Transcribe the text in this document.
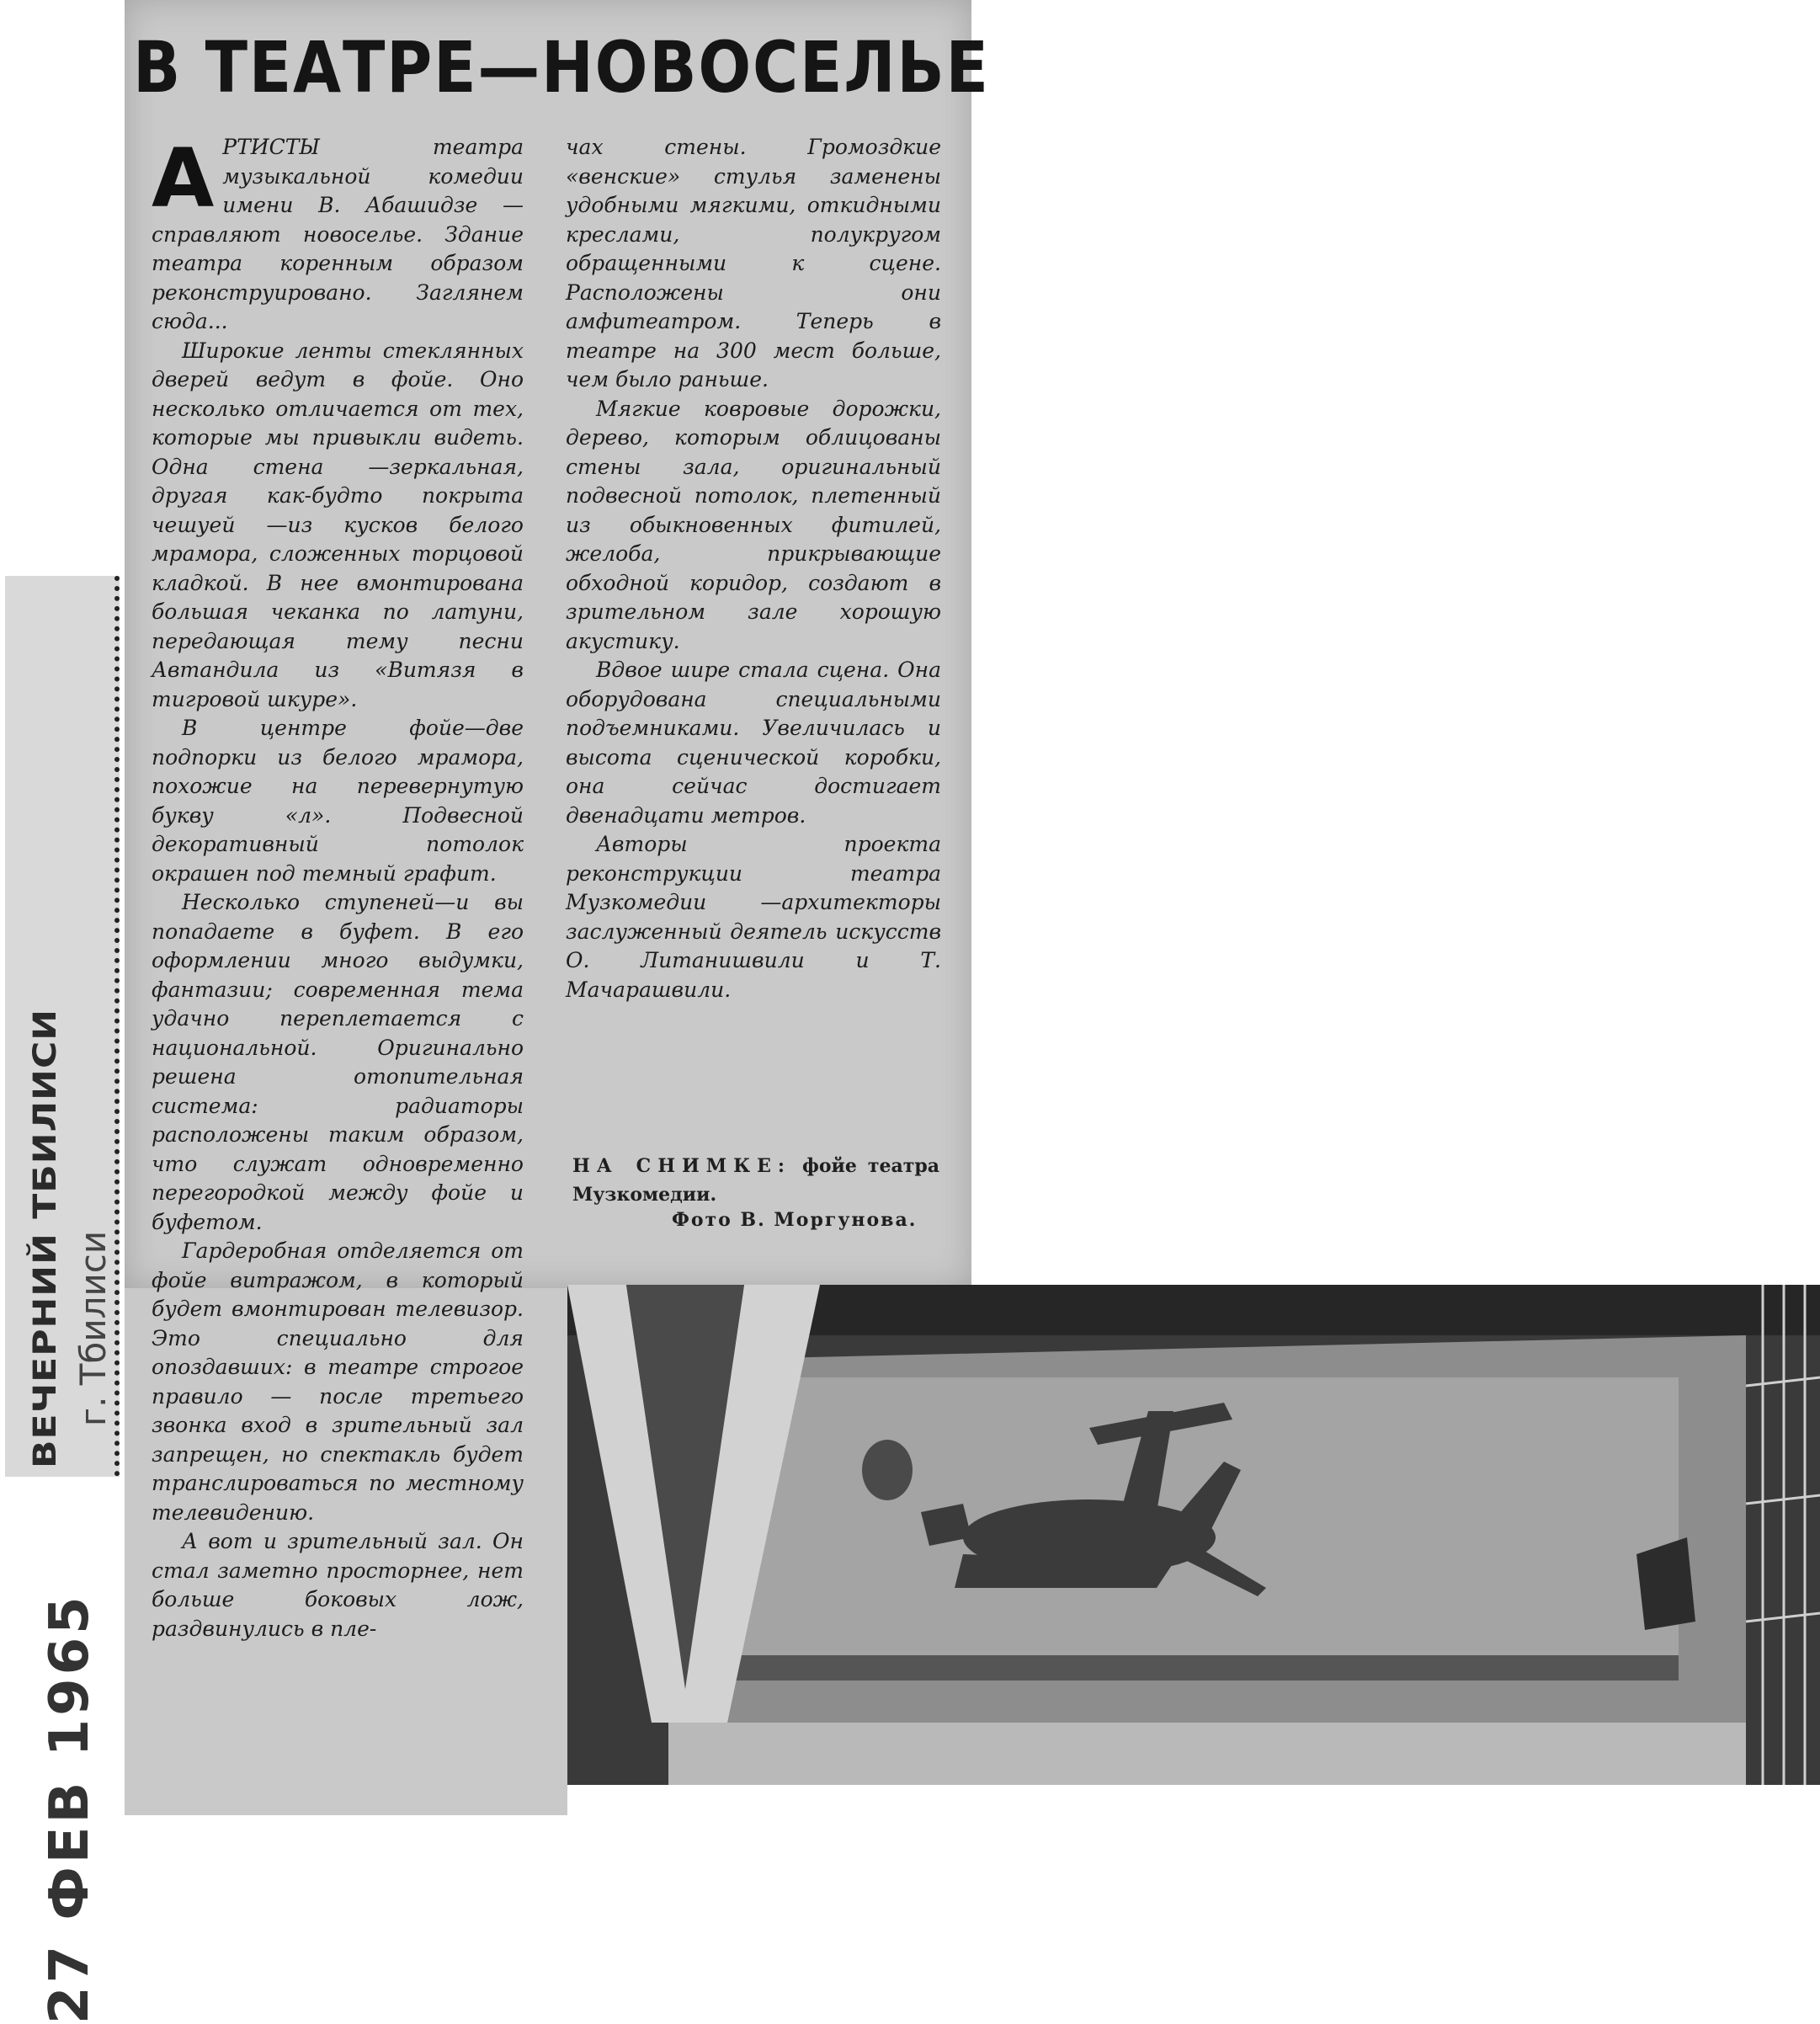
ВЕЧЕРНИЙ ТБИЛИСИ г. Тбилиси
27 ФЕВ 1965
В ТЕАТРЕ—НОВОСЕЛЬЕ

АРТИСТЫ театра музыкальной комедии имени В. Абашидзе —справляют новоселье. Здание театра коренным образом реконструировано. Заглянем сюда...

Широкие ленты стеклянных дверей ведут в фойе. Оно несколько отличается от тех, которые мы привыкли видеть. Одна стена —зеркальная, другая как-будто покрыта чешуей —из кусков белого мрамора, сложенных торцовой кладкой. В нее вмонтирована большая чеканка по латуни, передающая тему песни Автандила из «Витязя в тигровой шкуре».

В центре фойе—две подпорки из белого мрамора, похожие на перевернутую букву «л». Подвесной декоративный потолок окрашен под темный графит.

Несколько ступеней—и вы попадаете в буфет. В его оформлении много выдумки, фантазии; современная тема удачно переплетается с национальной. Оригинально решена отопительная система: радиаторы расположены таким образом, что служат одновременно перегородкой между фойе и буфетом.

Гардеробная отделяется от фойе витражом, в который будет вмонтирован телевизор. Это специально для опоздавших: в театре строгое правило — после третьего звонка вход в зрительный зал запрещен, но спектакль будет транслироваться по местному телевидению.

А вот и зрительный зал. Он стал заметно просторнее, нет больше боковых лож, раздвинулись в пле-

чах стены. Громоздкие «венские» стулья заменены удобными мягкими, откидными креслами, полукругом обращенными к сцене. Расположены они амфитеатром. Теперь в театре на 300 мест больше, чем было раньше.

Мягкие ковровые дорожки, дерево, которым облицованы стены зала, оригинальный подвесной потолок, плетенный из обыкновенных фитилей, желоба, прикрывающие обходной коридор, создают в зрительном зале хорошую акустику.

Вдвое шире стала сцена. Она оборудована специальными подъемниками. Увеличилась и высота сценической коробки, она сейчас достигает двенадцати метров.

Авторы проекта реконструкции театра Музкомедии —архитекторы заслуженный деятель искусств О. Литанишвили и Т. Мачарашвили.

НА СНИМКЕ: фойе театра Музкомедии.
Фото В. Моргунова.
